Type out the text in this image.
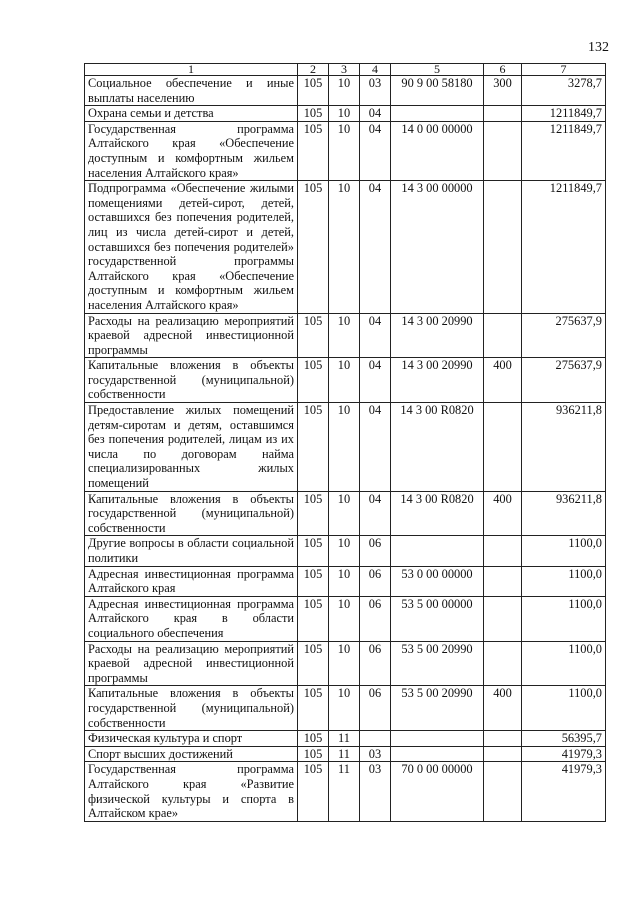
132
1	2	3	4	5	6	7
Социальное обеспечение и иные выплаты населению	105	10	03	90 9 00 58180	300	3278,7
Охрана семьи и детства	105	10	04			1211849,7
Государственная программа Алтайского края «Обеспечение доступным и комфортным жильем населения Алтайского края»	105	10	04	14 0 00 00000		1211849,7
Подпрограмма «Обеспечение жилыми помещениями детей-сирот, детей, оставшихся без попечения родителей, лиц из числа детей-сирот и детей, оставшихся без попечения родителей» государственной программы Алтайского края «Обеспечение доступным и комфортным жильем населения Алтайского края»	105	10	04	14 3 00 00000		1211849,7
Расходы на реализацию мероприятий краевой адресной инвестиционной программы	105	10	04	14 3 00 20990		275637,9
Капитальные вложения в объекты государственной (муниципальной) собственности	105	10	04	14 3 00 20990	400	275637,9
Предоставление жилых помещений детям-сиротам и детям, оставшимся без попечения родителей, лицам из их числа по договорам найма специализированных жилых помещений	105	10	04	14 3 00 R0820		936211,8
Капитальные вложения в объекты государственной (муниципальной) собственности	105	10	04	14 3 00 R0820	400	936211,8
Другие вопросы в области социальной политики	105	10	06			1100,0
Адресная инвестиционная программа Алтайского края	105	10	06	53 0 00 00000		1100,0
Адресная инвестиционная программа Алтайского края в области социального обеспечения	105	10	06	53 5 00 00000		1100,0
Расходы на реализацию мероприятий краевой адресной инвестиционной программы	105	10	06	53 5 00 20990		1100,0
Капитальные вложения в объекты государственной (муниципальной) собственности	105	10	06	53 5 00 20990	400	1100,0
Физическая культура и спорт	105	11				56395,7
Спорт высших достижений	105	11	03			41979,3
Государственная программа Алтайского края «Развитие физической культуры и спорта в Алтайском крае»	105	11	03	70 0 00 00000		41979,3
